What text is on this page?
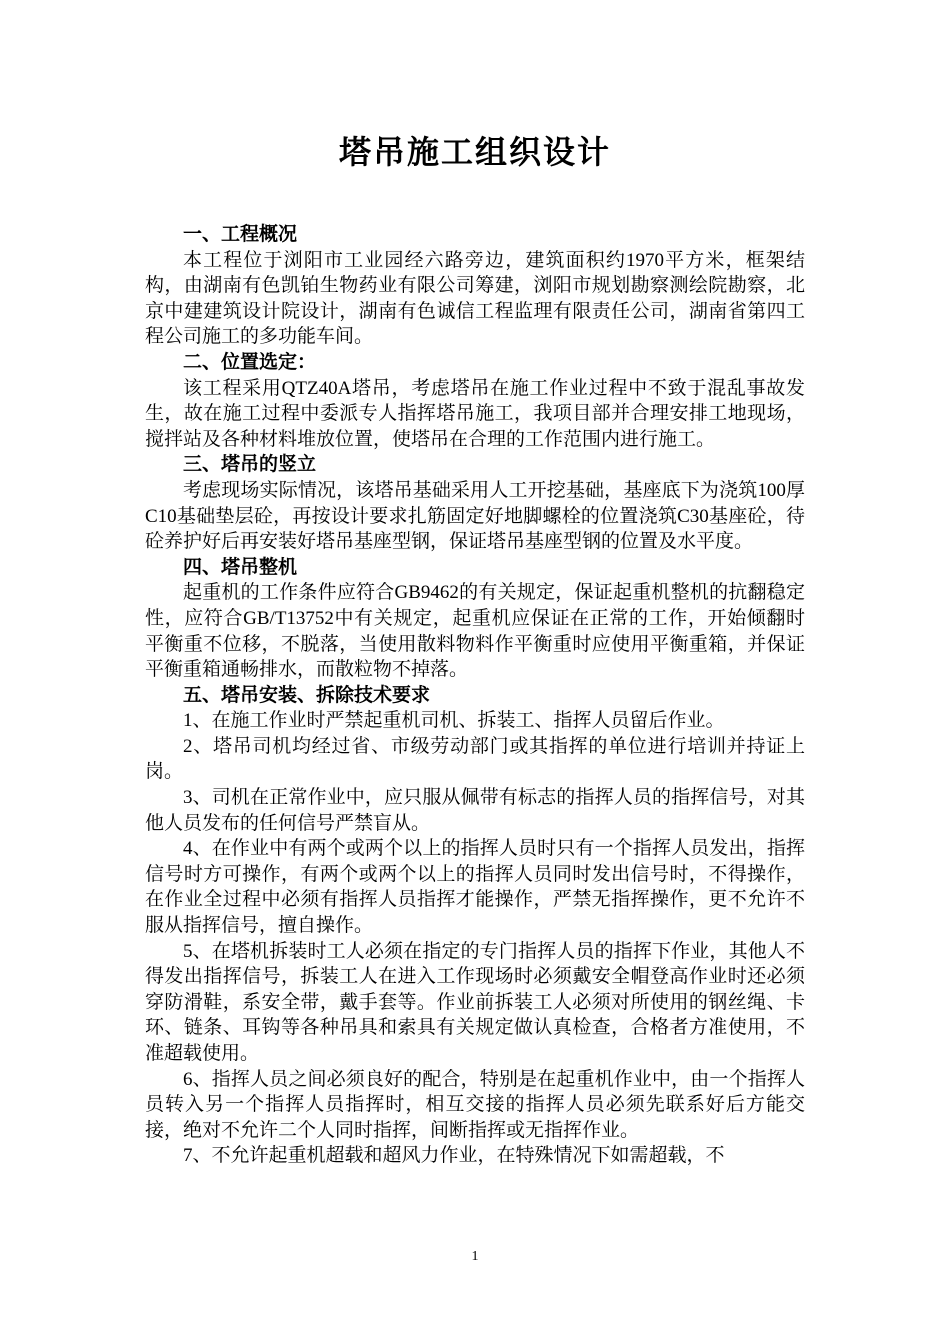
塔吊施工组织设计
一、工程概况

本工程位于浏阳市工业园经六路旁边，建筑面积约1970平方米，框架结构，由湖南有色凯铂生物药业有限公司筹建，浏阳市规划勘察测绘院勘察，北京中建建筑设计院设计，湖南有色诚信工程监理有限责任公司，湖南省第四工程公司施工的多功能车间。

二、位置选定：

该工程采用QTZ40A塔吊，考虑塔吊在施工作业过程中不致于混乱事故发生，故在施工过程中委派专人指挥塔吊施工，我项目部并合理安排工地现场，搅拌站及各种材料堆放位置，使塔吊在合理的工作范围内进行施工。

三、塔吊的竖立

考虑现场实际情况，该塔吊基础采用人工开挖基础，基座底下为浇筑100厚C10基础垫层砼，再按设计要求扎筋固定好地脚螺栓的位置浇筑C30基座砼，待砼养护好后再安装好塔吊基座型钢，保证塔吊基座型钢的位置及水平度。

四、塔吊整机

起重机的工作条件应符合GB9462的有关规定，保证起重机整机的抗翻稳定性，应符合GB/T13752中有关规定，起重机应保证在正常的工作，开始倾翻时平衡重不位移，不脱落，当使用散料物料作平衡重时应使用平衡重箱，并保证平衡重箱通畅排水，而散粒物不掉落。

五、塔吊安装、拆除技术要求

1、在施工作业时严禁起重机司机、拆装工、指挥人员留后作业。

2、塔吊司机均经过省、市级劳动部门或其指挥的单位进行培训并持证上岗。

3、司机在正常作业中，应只服从佩带有标志的指挥人员的指挥信号，对其他人员发布的任何信号严禁盲从。

4、在作业中有两个或两个以上的指挥人员时只有一个指挥人员发出，指挥信号时方可操作，有两个或两个以上的指挥人员同时发出信号时，不得操作，在作业全过程中必须有指挥人员指挥才能操作，严禁无指挥操作，更不允许不服从指挥信号，擅自操作。

5、在塔机拆装时工人必须在指定的专门指挥人员的指挥下作业，其他人不得发出指挥信号，拆装工人在进入工作现场时必须戴安全帽登高作业时还必须穿防滑鞋，系安全带，戴手套等。作业前拆装工人必须对所使用的钢丝绳、卡环、链条、耳钩等各种吊具和索具有关规定做认真检查，合格者方准使用，不准超载使用。

6、指挥人员之间必须良好的配合，特别是在起重机作业中，由一个指挥人员转入另一个指挥人员指挥时，相互交接的指挥人员必须先联系好后方能交接，绝对不允许二个人同时指挥，间断指挥或无指挥作业。

7、不允许起重机超载和超风力作业，在特殊情况下如需超载，不

1
